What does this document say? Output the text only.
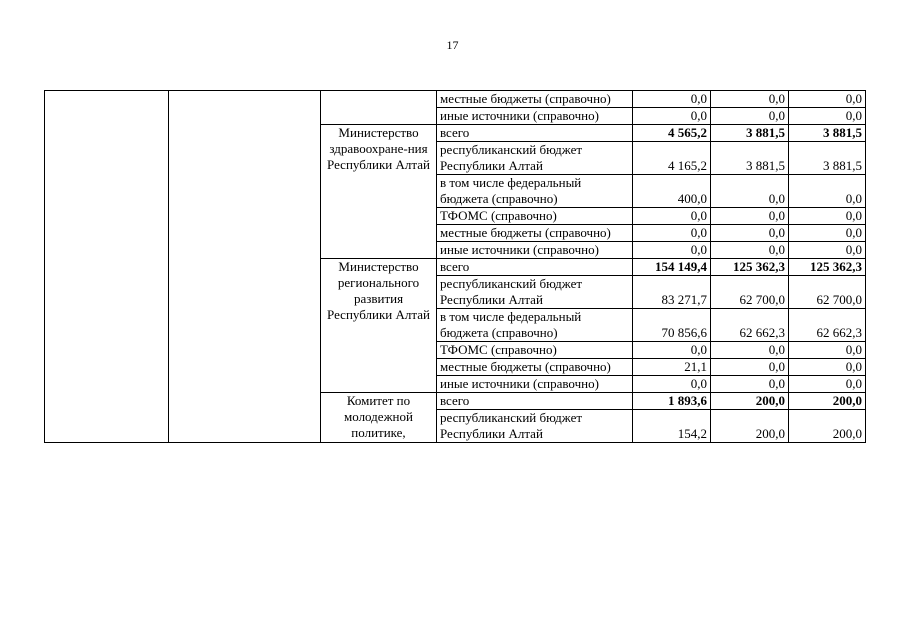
17
			местные бюджеты (справочно)	0,0	0,0	0,0
			иные источники (справочно)	0,0	0,0	0,0
		Министерство здравоохране-ния Республики Алтай	всего	4 565,2	3 881,5	3 881,5
			республиканский бюджет Республики Алтай	4 165,2	3 881,5	3 881,5
			в том числе федеральный бюджета (справочно)	400,0	0,0	0,0
			ТФОМС (справочно)	0,0	0,0	0,0
			местные бюджеты (справочно)	0,0	0,0	0,0
			иные источники (справочно)	0,0	0,0	0,0
		Министерство регионального развития Республики Алтай	всего	154 149,4	125 362,3	125 362,3
			республиканский бюджет Республики Алтай	83 271,7	62 700,0	62 700,0
			в том числе федеральный бюджета (справочно)	70 856,6	62 662,3	62 662,3
			ТФОМС (справочно)	0,0	0,0	0,0
			местные бюджеты (справочно)	21,1	0,0	0,0
			иные источники (справочно)	0,0	0,0	0,0
		Комитет по молодежной политике,	всего	1 893,6	200,0	200,0
			республиканский бюджет Республики Алтай	154,2	200,0	200,0
